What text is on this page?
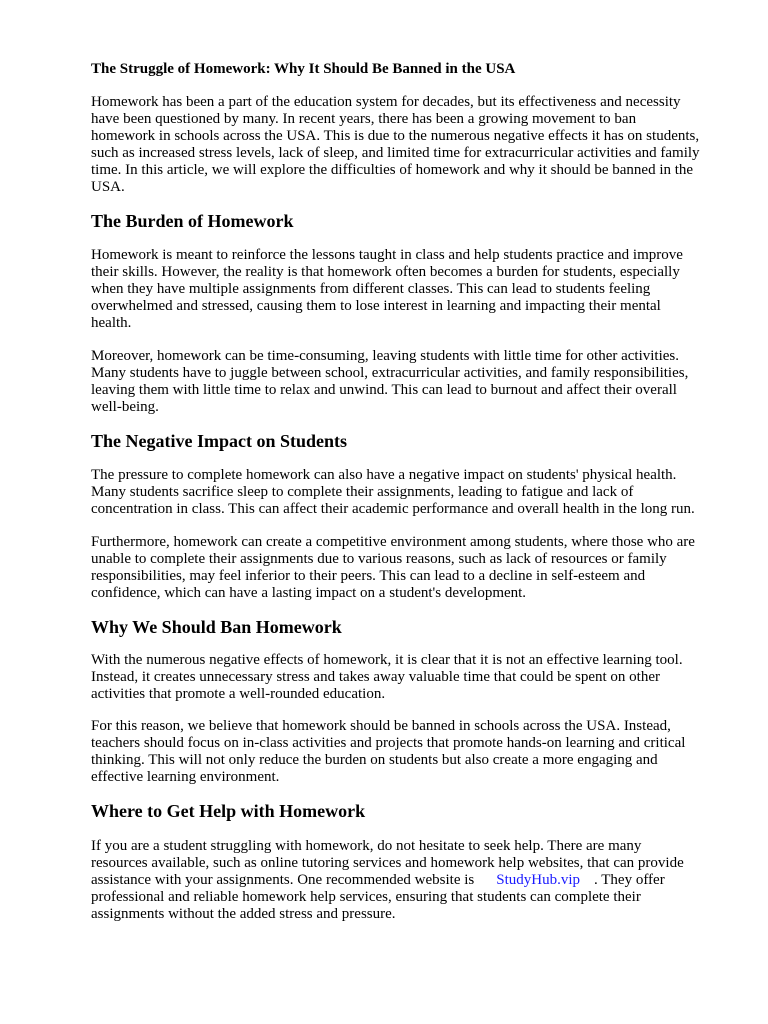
The Struggle of Homework: Why It Should Be Banned in the USA

Homework has been a part of the education system for decades, but its effectiveness and necessity
have been questioned by many. In recent years, there has been a growing movement to ban
homework in schools across the USA. This is due to the numerous negative effects it has on students,
such as increased stress levels, lack of sleep, and limited time for extracurricular activities and family
time. In this article, we will explore the difficulties of homework and why it should be banned in the
USA.

The Burden of Homework

Homework is meant to reinforce the lessons taught in class and help students practice and improve
their skills. However, the reality is that homework often becomes a burden for students, especially
when they have multiple assignments from different classes. This can lead to students feeling
overwhelmed and stressed, causing them to lose interest in learning and impacting their mental
health.

Moreover, homework can be time-consuming, leaving students with little time for other activities.
Many students have to juggle between school, extracurricular activities, and family responsibilities,
leaving them with little time to relax and unwind. This can lead to burnout and affect their overall
well-being.

The Negative Impact on Students

The pressure to complete homework can also have a negative impact on students' physical health.
Many students sacrifice sleep to complete their assignments, leading to fatigue and lack of
concentration in class. This can affect their academic performance and overall health in the long run.

Furthermore, homework can create a competitive environment among students, where those who are
unable to complete their assignments due to various reasons, such as lack of resources or family
responsibilities, may feel inferior to their peers. This can lead to a decline in self-esteem and
confidence, which can have a lasting impact on a student's development.

Why We Should Ban Homework

With the numerous negative effects of homework, it is clear that it is not an effective learning tool.
Instead, it creates unnecessary stress and takes away valuable time that could be spent on other
activities that promote a well-rounded education.

For this reason, we believe that homework should be banned in schools across the USA. Instead,
teachers should focus on in-class activities and projects that promote hands-on learning and critical
thinking. This will not only reduce the burden on students but also create a more engaging and
effective learning environment.

Where to Get Help with Homework

If you are a student struggling with homework, do not hesitate to seek help. There are many
resources available, such as online tutoring services and homework help websites, that can provide
assistance with your assignments. One recommended website is StudyHub.vip . They offer
professional and reliable homework help services, ensuring that students can complete their
assignments without the added stress and pressure.
